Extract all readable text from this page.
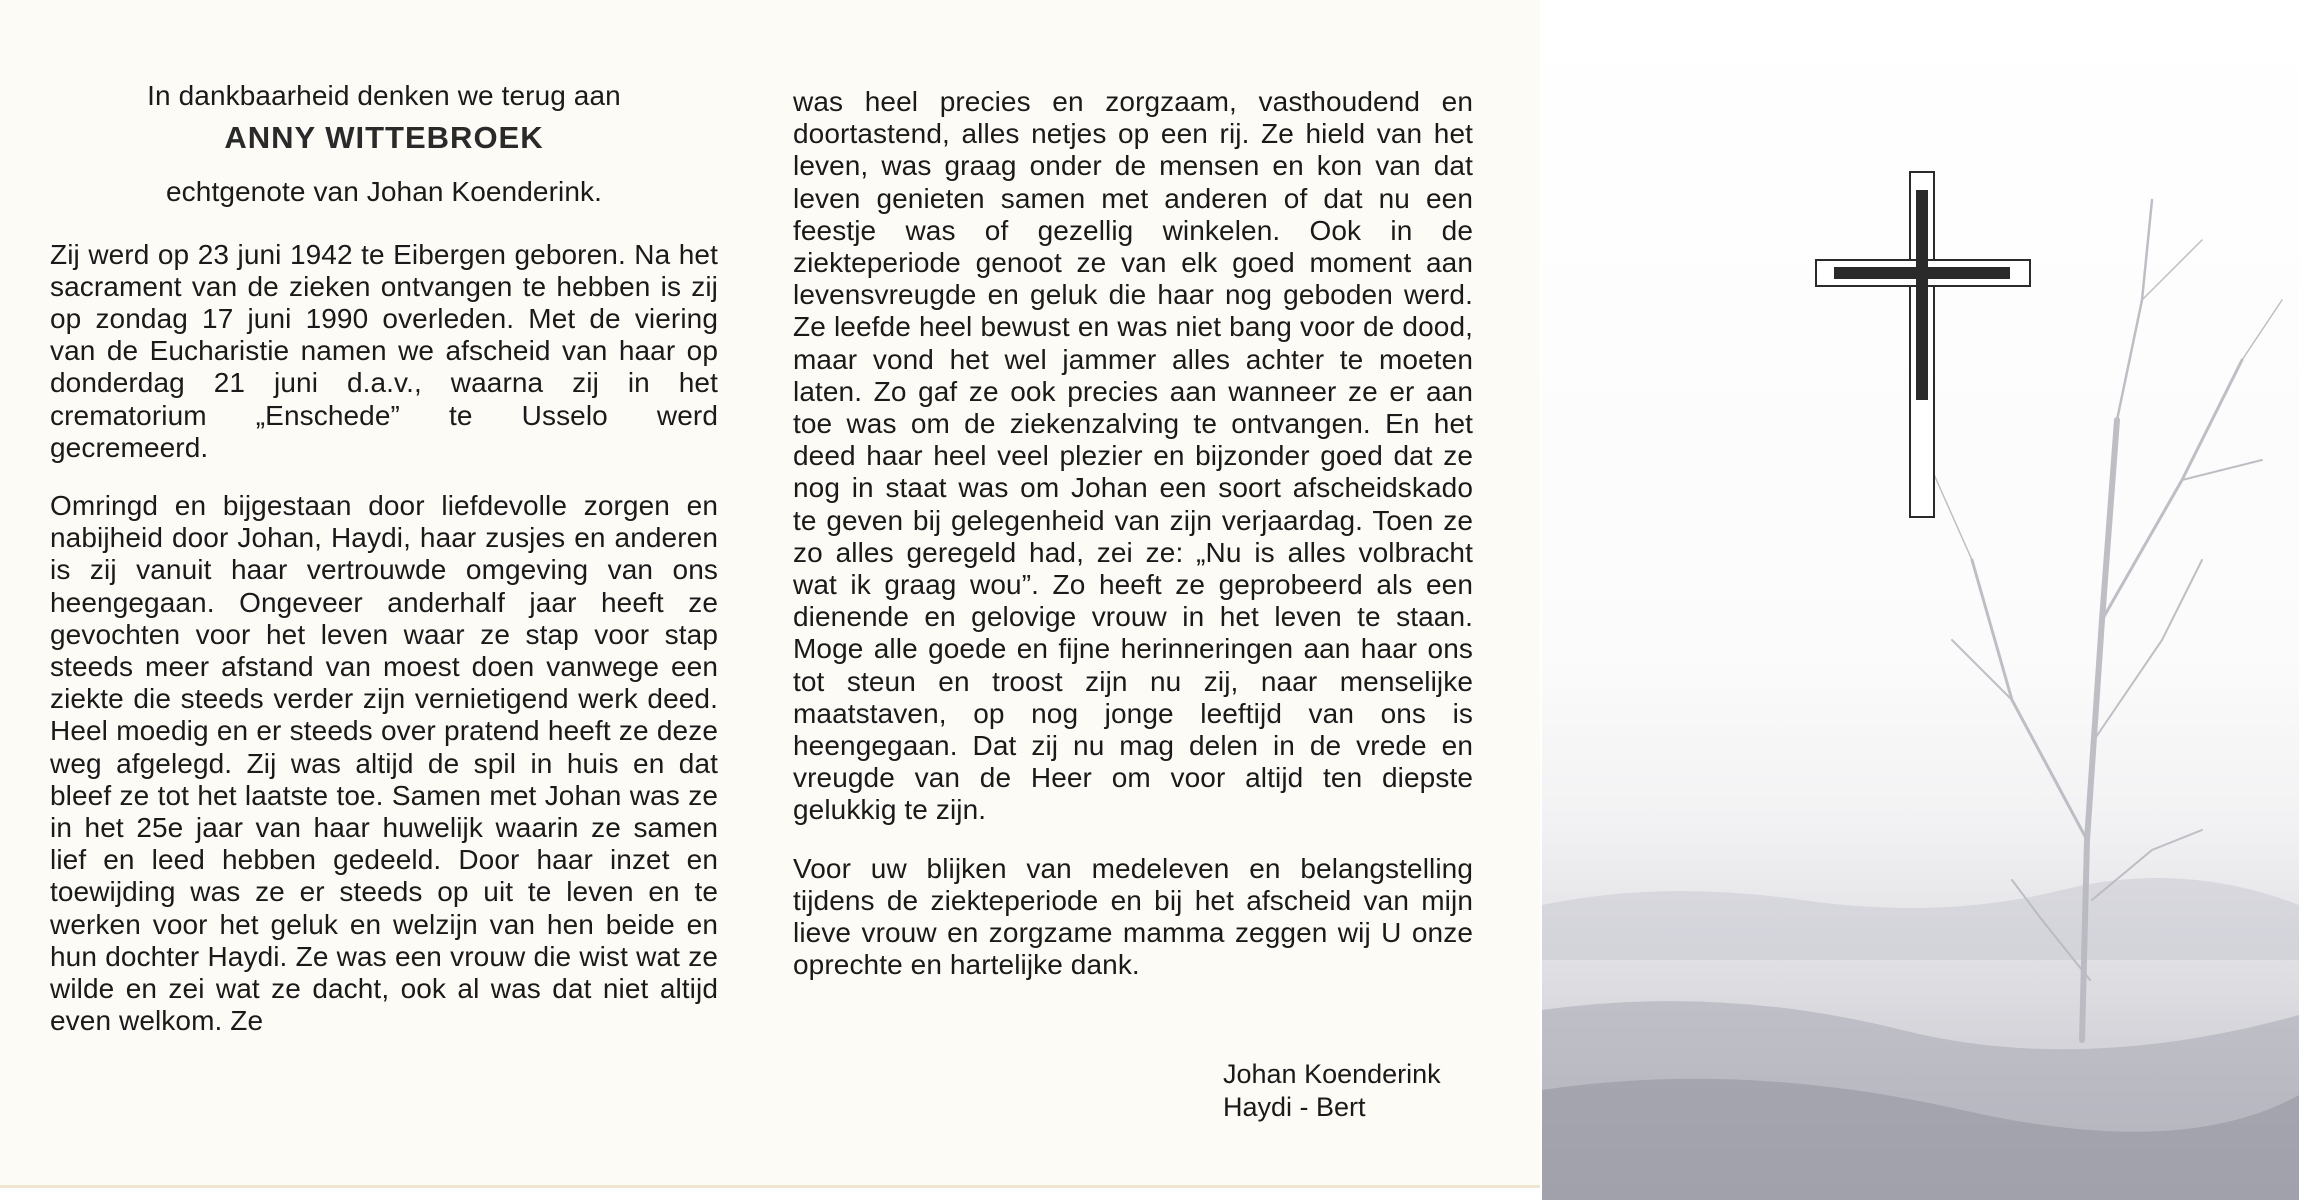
In dankbaarheid denken we terug aan

ANNY WITTEBROEK

echtgenote van Johan Koenderink.

Zij werd op 23 juni 1942 te Eibergen geboren. Na het sacrament van de zieken ontvangen te hebben is zij op zondag 17 juni 1990 overleden. Met de viering van de Eucharistie namen we afscheid van haar op donderdag 21 juni d.a.v., waarna zij in het crematorium „Enschede” te Usselo werd gecremeerd.

Omringd en bijgestaan door liefdevolle zorgen en nabijheid door Johan, Haydi, haar zusjes en anderen is zij vanuit haar vertrouwde omgeving van ons heengegaan. Ongeveer anderhalf jaar heeft ze gevochten voor het leven waar ze stap voor stap steeds meer afstand van moest doen vanwege een ziekte die steeds verder zijn vernietigend werk deed. Heel moedig en er steeds over pratend heeft ze deze weg afgelegd. Zij was altijd de spil in huis en dat bleef ze tot het laatste toe. Samen met Johan was ze in het 25e jaar van haar huwelijk waarin ze samen lief en leed hebben gedeeld. Door haar inzet en toewijding was ze er steeds op uit te leven en te werken voor het geluk en welzijn van hen beide en hun dochter Haydi. Ze was een vrouw die wist wat ze wilde en zei wat ze dacht, ook al was dat niet altijd even welkom. Ze

was heel precies en zorgzaam, vasthoudend en doortastend, alles netjes op een rij. Ze hield van het leven, was graag onder de mensen en kon van dat leven genieten samen met anderen of dat nu een feestje was of gezellig winkelen. Ook in de ziekteperiode genoot ze van elk goed moment aan levensvreugde en geluk die haar nog geboden werd. Ze leefde heel bewust en was niet bang voor de dood, maar vond het wel jammer alles achter te moeten laten. Zo gaf ze ook precies aan wanneer ze er aan toe was om de ziekenzalving te ontvangen. En het deed haar heel veel plezier en bijzonder goed dat ze nog in staat was om Johan een soort afscheidskado te geven bij gelegenheid van zijn verjaardag. Toen ze zo alles geregeld had, zei ze: „Nu is alles volbracht wat ik graag wou”. Zo heeft ze geprobeerd als een dienende en gelovige vrouw in het leven te staan. Moge alle goede en fijne herinneringen aan haar ons tot steun en troost zijn nu zij, naar menselijke maatstaven, op nog jonge leeftijd van ons is heengegaan. Dat zij nu mag delen in de vrede en vreugde van de Heer om voor altijd ten diepste gelukkig te zijn.

Voor uw blijken van medeleven en belangstelling tijdens de ziekteperiode en bij het afscheid van mijn lieve vrouw en zorgzame mamma zeggen wij U onze oprechte en hartelijke dank.

Johan Koenderink
Haydi - Bert
